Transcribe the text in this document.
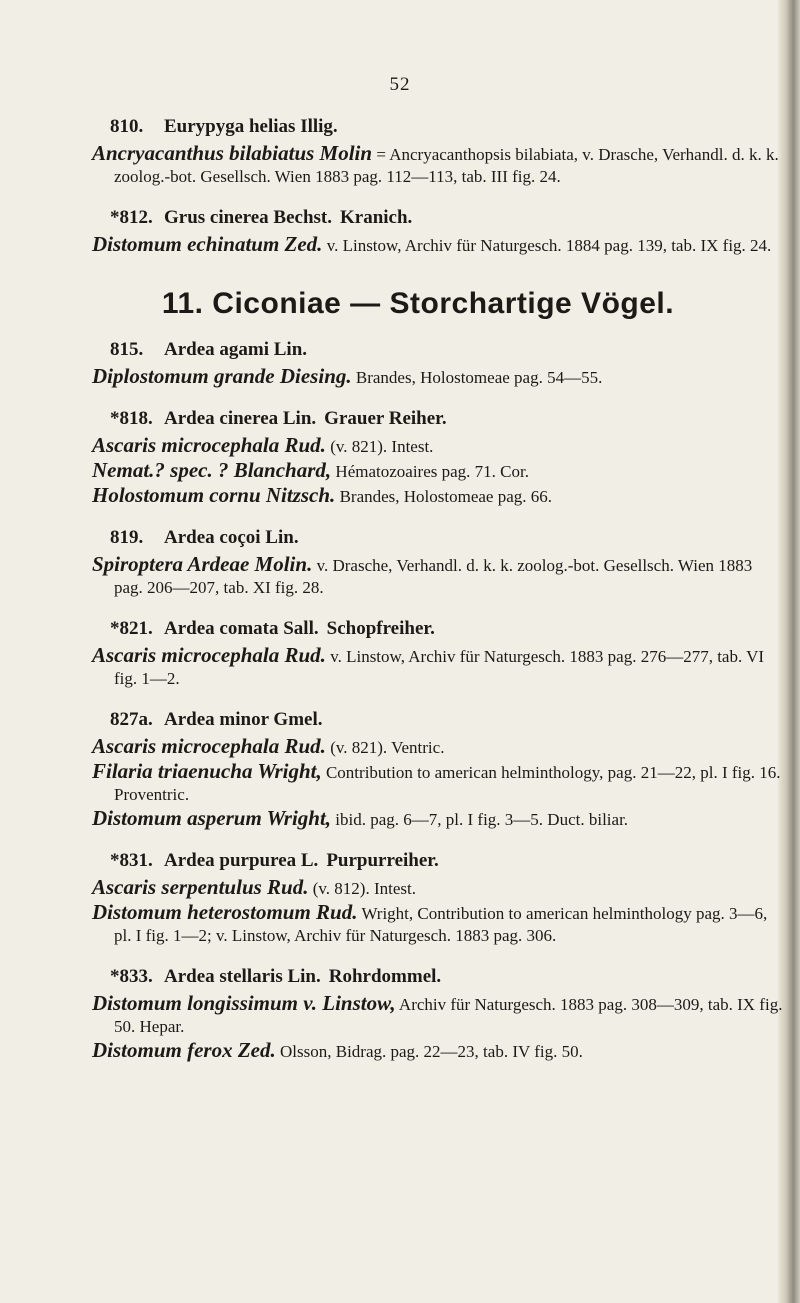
52
810. Eurypyga helias Illig.
Ancryacanthus bilabiatus Molin = Ancryacanthopsis bilabiata, v. Drasche, Verhandl. d. k. k. zoolog.-bot. Gesellsch. Wien 1883 pag. 112—113, tab. III fig. 24.
*812. Grus cinerea Bechst. Kranich.
Distomum echinatum Zed. v. Linstow, Archiv für Naturgesch. 1884 pag. 139, tab. IX fig. 24.
11. Ciconiae — Storchartige Vögel.
815. Ardea agami Lin.
Diplostomum grande Diesing. Brandes, Holostomeae pag. 54—55.
*818. Ardea cinerea Lin. Grauer Reiher.
Ascaris microcephala Rud. (v. 821). Intest.
Nemat.? spec. ? Blanchard, Hématozoaires pag. 71. Cor.
Holostomum cornu Nitzsch. Brandes, Holostomeae pag. 66.
819. Ardea coçoi Lin.
Spiroptera Ardeae Molin. v. Drasche, Verhandl. d. k. k. zoolog.-bot. Gesellsch. Wien 1883 pag. 206—207, tab. XI fig. 28.
*821. Ardea comata Sall. Schopfreiher.
Ascaris microcephala Rud. v. Linstow, Archiv für Naturgesch. 1883 pag. 276—277, tab. VI fig. 1—2.
827a. Ardea minor Gmel.
Ascaris microcephala Rud. (v. 821). Ventric.
Filaria triaenucha Wright, Contribution to american helminthology, pag. 21—22, pl. I fig. 16. Proventric.
Distomum asperum Wright, ibid. pag. 6—7, pl. I fig. 3—5. Duct. biliar.
*831. Ardea purpurea L. Purpurreiher.
Ascaris serpentulus Rud. (v. 812). Intest.
Distomum heterostomum Rud. Wright, Contribution to american helminthology pag. 3—6, pl. I fig. 1—2; v. Linstow, Archiv für Naturgesch. 1883 pag. 306.
*833. Ardea stellaris Lin. Rohrdommel.
Distomum longissimum v. Linstow, Archiv für Naturgesch. 1883 pag. 308—309, tab. IX fig. 50. Hepar.
Distomum ferox Zed. Olsson, Bidrag. pag. 22—23, tab. IV fig. 50.
